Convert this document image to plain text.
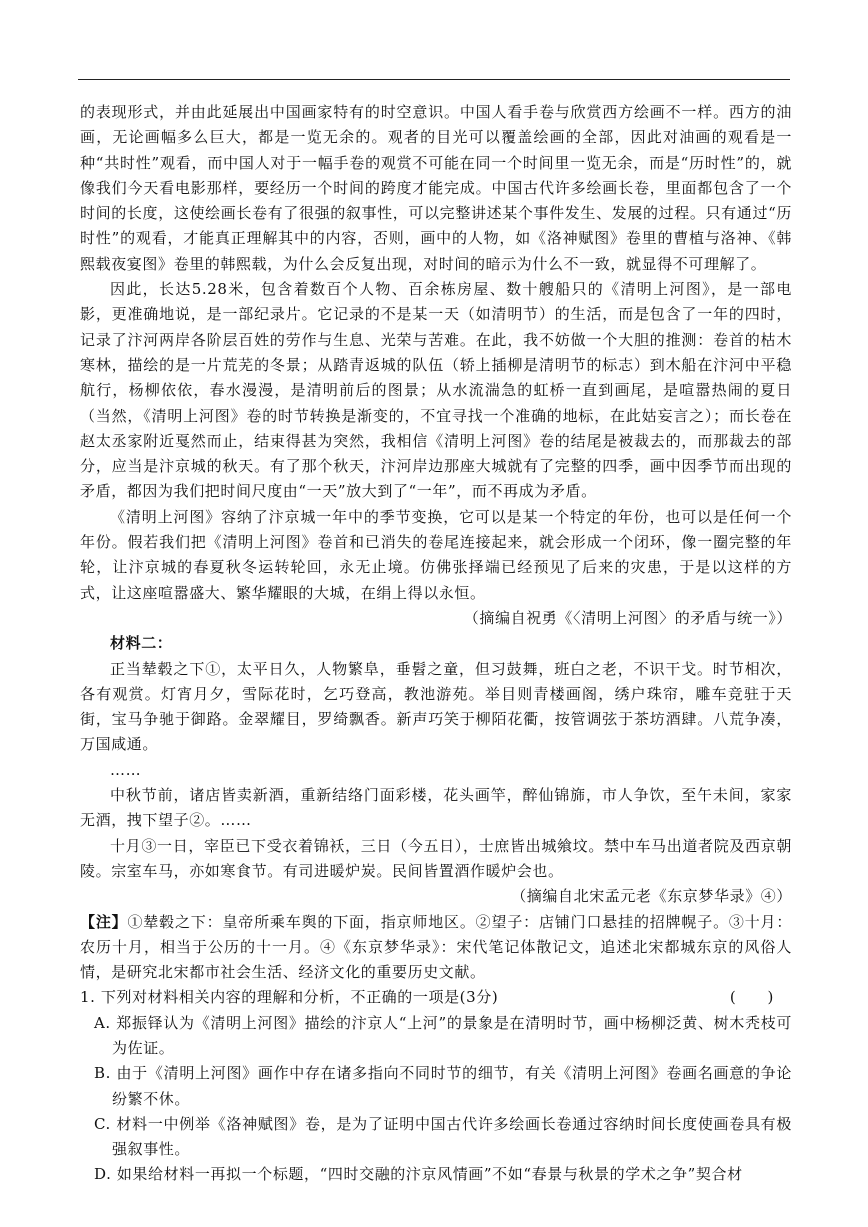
的表现形式，并由此延展出中国画家特有的时空意识。中国人看手卷与欣赏西方绘画不一样。西方的油画，无论画幅多么巨大，都是一览无余的。观者的目光可以覆盖绘画的全部，因此对油画的观看是一种“共时性”观看，而中国人对于一幅手卷的观赏不可能在同一个时间里一览无余，而是“历时性”的，就像我们今天看电影那样，要经历一个时间的跨度才能完成。中国古代许多绘画长卷，里面都包含了一个时间的长度，这使绘画长卷有了很强的叙事性，可以完整讲述某个事件发生、发展的过程。只有通过“历时性”的观看，才能真正理解其中的内容，否则，画中的人物，如《洛神赋图》卷里的曹植与洛神、《韩熙载夜宴图》卷里的韩熙载，为什么会反复出现，对时间的暗示为什么不一致，就显得不可理解了。

因此，长达5.28米，包含着数百个人物、百余栋房屋、数十艘船只的《清明上河图》，是一部电影，更准确地说，是一部纪录片。它记录的不是某一天（如清明节）的生活，而是包含了一年的四时，记录了汴河两岸各阶层百姓的劳作与生息、光荣与苦难。在此，我不妨做一个大胆的推测：卷首的枯木寒林，描绘的是一片荒芜的冬景；从踏青返城的队伍（轿上插柳是清明节的标志）到木船在汴河中平稳航行，杨柳依依，春水漫漫，是清明前后的图景；从水流湍急的虹桥一直到画尾，是喧嚣热闹的夏日（当然，《清明上河图》卷的时节转换是渐变的，不宜寻找一个准确的地标，在此姑妄言之）；而长卷在赵太丞家附近戛然而止，结束得甚为突然，我相信《清明上河图》卷的结尾是被裁去的，而那裁去的部分，应当是汴京城的秋天。有了那个秋天，汴河岸边那座大城就有了完整的四季，画中因季节而出现的矛盾，都因为我们把时间尺度由“一天”放大到了“一年”，而不再成为矛盾。

《清明上河图》容纳了汴京城一年中的季节变换，它可以是某一个特定的年份，也可以是任何一个年份。假若我们把《清明上河图》卷首和已消失的卷尾连接起来，就会形成一个闭环，像一圈完整的年轮，让汴京城的春夏秋冬运转轮回，永无止境。仿佛张择端已经预见了后来的灾患，于是以这样的方式，让这座喧嚣盛大、繁华耀眼的大城，在绢上得以永恒。

（摘编自祝勇《〈清明上河图〉的矛盾与统一》）

材料二：

正当辇毂之下①，太平日久，人物繁阜，垂髫之童，但习鼓舞，班白之老，不识干戈。时节相次，各有观赏。灯宵月夕，雪际花时，乞巧登高，教池游苑。举目则青楼画阁，绣户珠帘，雕车竞驻于天街，宝马争驰于御路。金翠耀目，罗绮飘香。新声巧笑于柳陌花衢，按管调弦于茶坊酒肆。八荒争凑，万国咸通。

……

中秋节前，诸店皆卖新酒，重新结络门面彩楼，花头画竿，醉仙锦旆，市人争饮，至午未间，家家无酒，拽下望子②。……

十月③一日，宰臣已下受衣着锦袄，三日（今五日），士庶皆出城飨坟。禁中车马出道者院及西京朝陵。宗室车马，亦如寒食节。有司进暖炉炭。民间皆置酒作暖炉会也。

（摘编自北宋孟元老《东京梦华录》④）

【注】①辇毂之下：皇帝所乘车舆的下面，指京师地区。②望子：店铺门口悬挂的招牌幌子。③十月：农历十月，相当于公历的十一月。④《东京梦华录》：宋代笔记体散记文，追述北宋都城东京的风俗人情，是研究北宋都市社会生活、经济文化的重要历史文献。

1. 下列对材料相关内容的理解和分析，不正确的一项是(3分)	(　　)

A. 郑振铎认为《清明上河图》描绘的汴京人“上河”的景象是在清明时节，画中杨柳泛黄、树木秃枝可为佐证。

B. 由于《清明上河图》画作中存在诸多指向不同时节的细节，有关《清明上河图》卷画名画意的争论纷繁不休。

C. 材料一中例举《洛神赋图》卷，是为了证明中国古代许多绘画长卷通过容纳时间长度使画卷具有极强叙事性。

D. 如果给材料一再拟一个标题，“四时交融的汴京风情画”不如“春景与秋景的学术之争”契合材
